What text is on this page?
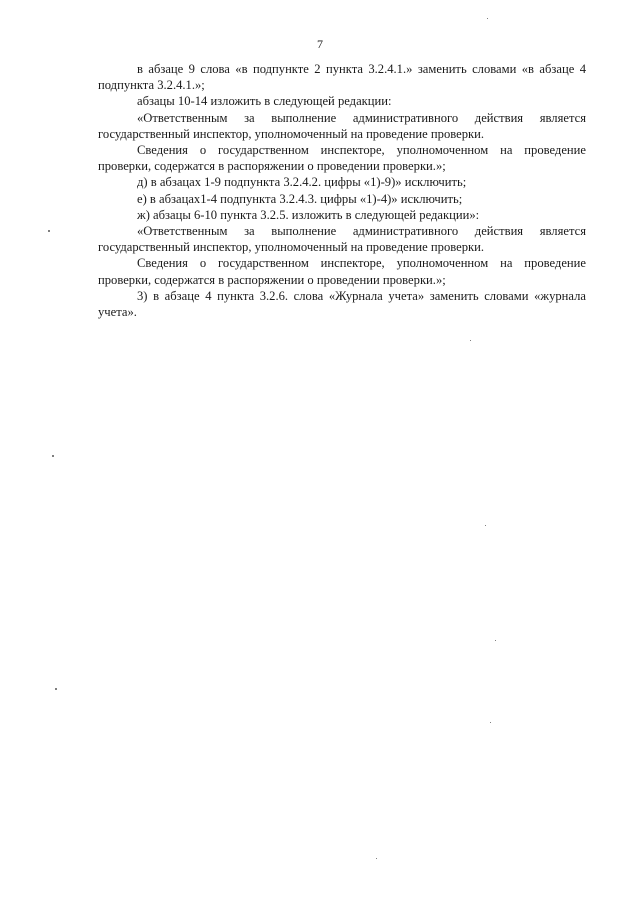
7

в абзаце 9 слова «в подпункте 2 пункта 3.2.4.1.» заменить словами «в абзаце 4 подпункта 3.2.4.1.»;

абзацы 10-14 изложить в следующей редакции:

«Ответственным за выполнение административного действия является государственный инспектор, уполномоченный на проведение проверки.

Сведения о государственном инспекторе, уполномоченном на проведение проверки, содержатся в распоряжении о проведении проверки.»;

д) в абзацах 1-9 подпункта 3.2.4.2. цифры «1)-9)» исключить;

е) в абзацах1-4 подпункта 3.2.4.3. цифры «1)-4)» исключить;

ж) абзацы 6-10 пункта 3.2.5. изложить в следующей редакции»:

«Ответственным за выполнение административного действия является государственный инспектор, уполномоченный на проведение проверки.

Сведения о государственном инспекторе, уполномоченном на проведение проверки, содержатся в распоряжении о проведении проверки.»;

3) в абзаце 4 пункта 3.2.6. слова «Журнала учета» заменить словами «журнала учета».
